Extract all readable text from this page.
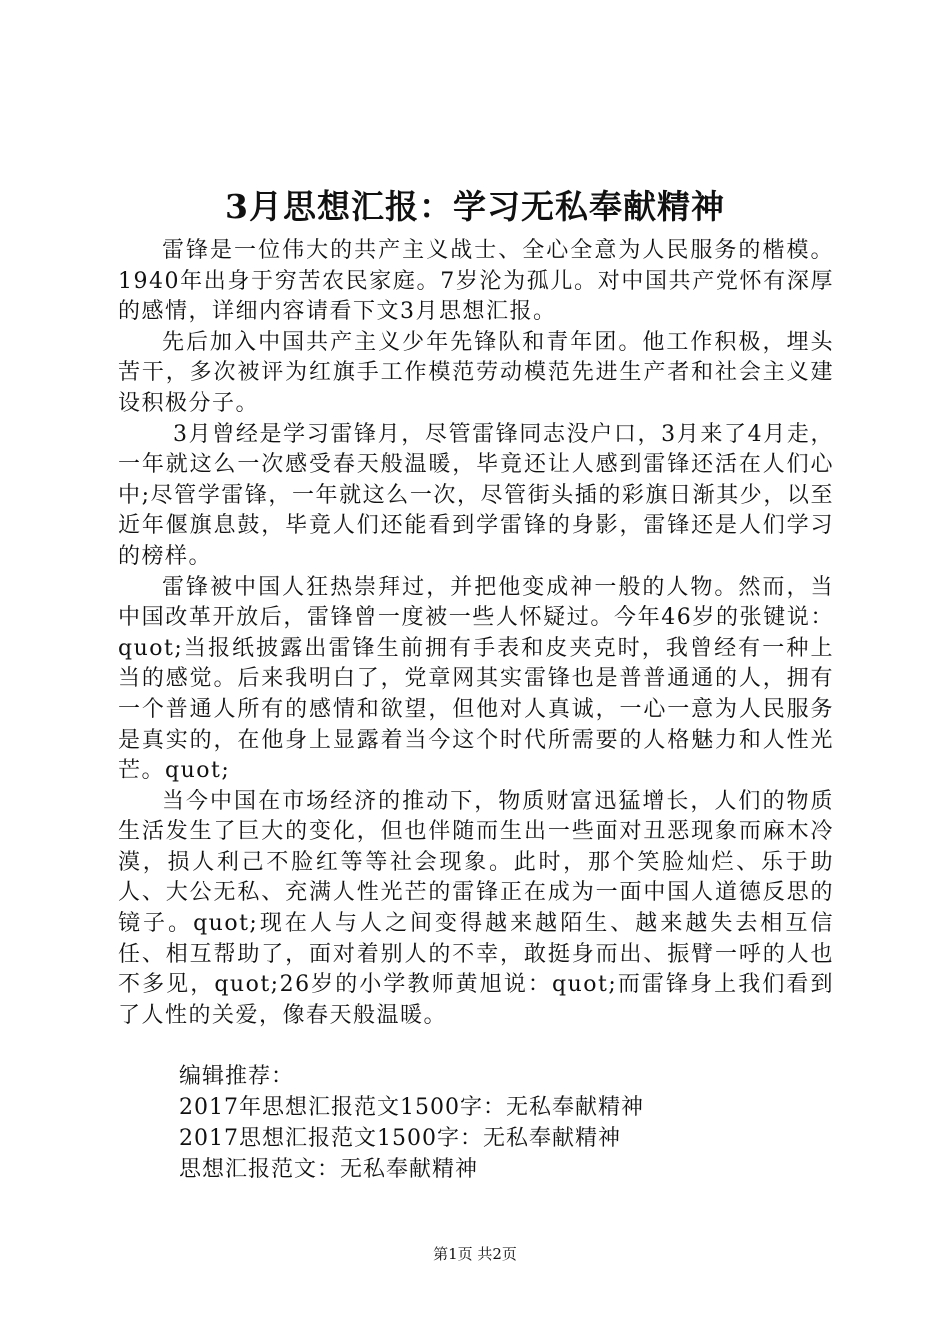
3月思想汇报：学习无私奉献精神

雷锋是一位伟大的共产主义战士、全心全意为人民服务的楷模。1940年出身于穷苦农民家庭。7岁沦为孤儿。对中国共产党怀有深厚的感情，详细内容请看下文3月思想汇报。

先后加入中国共产主义少年先锋队和青年团。他工作积极，埋头苦干，多次被评为红旗手工作模范劳动模范先进生产者和社会主义建设积极分子。

3月曾经是学习雷锋月，尽管雷锋同志没户口，3月来了4月走，一年就这么一次感受春天般温暖，毕竟还让人感到雷锋还活在人们心中;尽管学雷锋，一年就这么一次，尽管街头插的彩旗日渐其少，以至近年偃旗息鼓，毕竟人们还能看到学雷锋的身影，雷锋还是人们学习的榜样。

雷锋被中国人狂热崇拜过，并把他变成神一般的人物。然而，当中国改革开放后，雷锋曾一度被一些人怀疑过。今年46岁的张键说：quot;当报纸披露出雷锋生前拥有手表和皮夹克时，我曾经有一种上当的感觉。后来我明白了，党章网其实雷锋也是普普通通的人，拥有一个普通人所有的感情和欲望，但他对人真诚，一心一意为人民服务是真实的，在他身上显露着当今这个时代所需要的人格魅力和人性光芒。quot;

当今中国在市场经济的推动下，物质财富迅猛增长，人们的物质生活发生了巨大的变化，但也伴随而生出一些面对丑恶现象而麻木冷漠，损人利己不脸红等等社会现象。此时，那个笑脸灿烂、乐于助人、大公无私、充满人性光芒的雷锋正在成为一面中国人道德反思的镜子。quot;现在人与人之间变得越来越陌生、越来越失去相互信任、相互帮助了，面对着别人的不幸，敢挺身而出、振臂一呼的人也不多见，quot;26岁的小学教师黄旭说：quot;而雷锋身上我们看到了人性的关爱，像春天般温暖。

编辑推荐：
2017年思想汇报范文1500字：无私奉献精神
2017思想汇报范文1500字：无私奉献精神
思想汇报范文：无私奉献精神
第1页 共2页
